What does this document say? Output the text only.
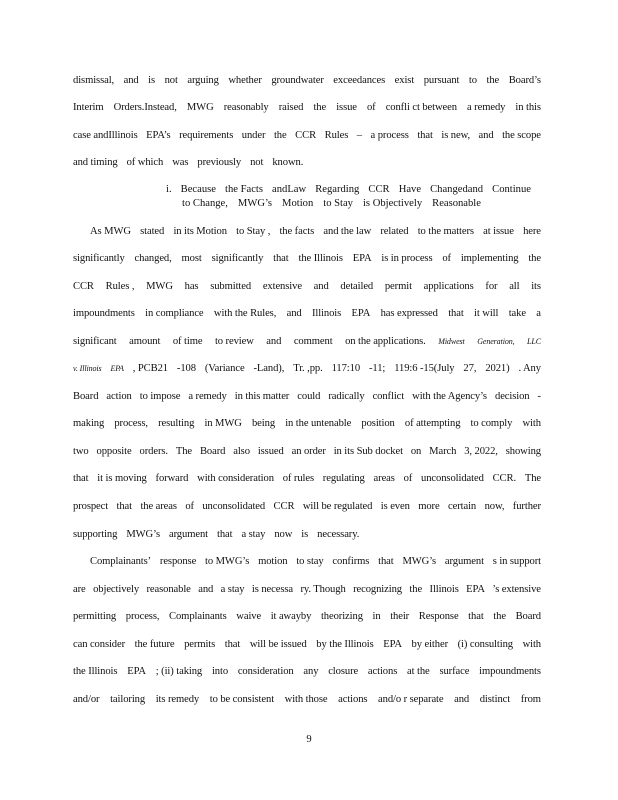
dismissal, and is not arguing whether groundwater exceedances exist pursuant to the Board’s
Interim Orders.Instead, MWG reasonably raised the issue of confli ct between a remedy in this
case andIllinois EPA’s requirements under the CCR Rules – a process that is new, and the scope
and timing of which was previously not known.
As MWG stated in its Motion to Stay , the facts and the law related to the matters at issue here
significantly changed, most significantly that the Illinois EPA is in process of implementing the
CCR Rules , MWG has submitted extensive and detailed permit applications for all its
impoundments in compliance with the Rules, and Illinois EPA has expressed that it will take a
significant amount of time to review and comment on the applications. Midwest Generation, LLC
v. Illinois EPA , PCB21 -108 (Variance -Land), Tr. ,pp. 117:10 -11; 119:6 -15(July 27, 2021) . Any
Board action to impose a remedy in this matter could radically conflict with the Agency’s decision -
making process, resulting in MWG being in the untenable position of attempting to comply with
two opposite orders. The Board also issued an order in its Sub docket on March 3, 2022, showing
that it is moving forward with consideration of rules regulating areas of unconsolidated CCR. The
prospect that the areas of unconsolidated CCR will be regulated is even more certain now, further
supporting MWG’s argument that a stay now is necessary.
Complainants’ response to MWG’s motion to stay confirms that MWG’s argument s in support
are objectively reasonable and a stay is necessa ry. Though recognizing the Illinois EPA ’s extensive
permitting process, Complainants waive it awayby theorizing in their Response that the Board
can consider the future permits that will be issued by the Illinois EPA by either (i) consulting with
the Illinois EPA ; (ii) taking into consideration any closure actions at the surface impoundments
and/or tailoring its remedy to be consistent with those actions and/o r separate and distinct from
i. Because the Facts andLaw Regarding CCR Have Changedand Continue
to Change, MWG’s Motion to Stay is Objectively Reasonable
9
